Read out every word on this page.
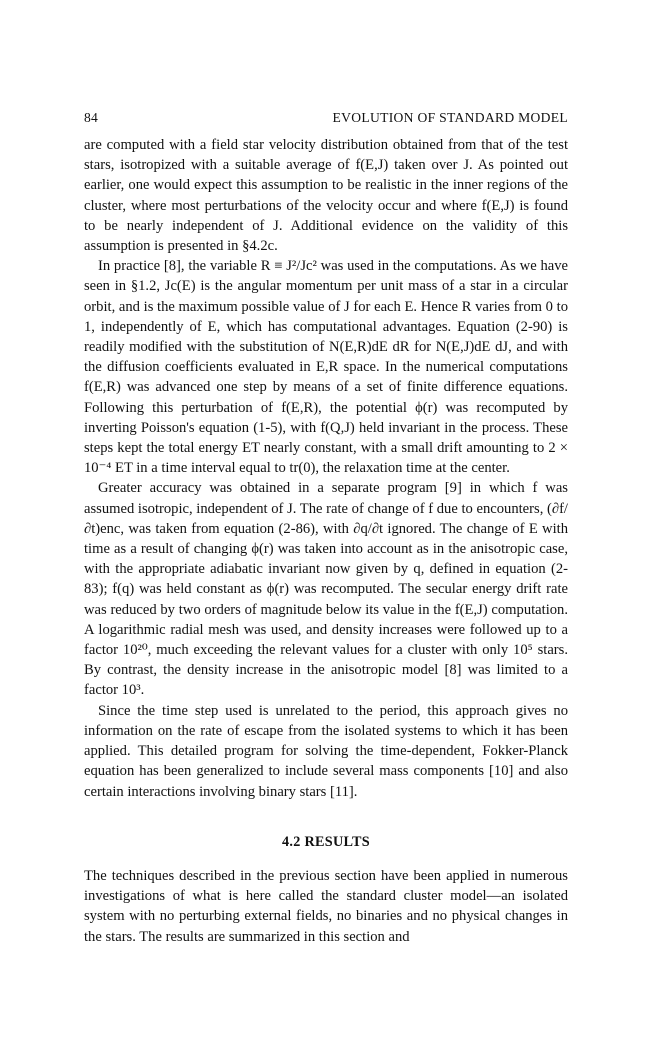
84	EVOLUTION OF STANDARD MODEL

are computed with a field star velocity distribution obtained from that of the test stars, isotropized with a suitable average of f(E,J) taken over J. As pointed out earlier, one would expect this assumption to be realistic in the inner regions of the cluster, where most perturbations of the velocity occur and where f(E,J) is found to be nearly independent of J. Additional evidence on the validity of this assumption is presented in §4.2c.

In practice [8], the variable R ≡ J²/Jc² was used in the computations. As we have seen in §1.2, Jc(E) is the angular momentum per unit mass of a star in a circular orbit, and is the maximum possible value of J for each E. Hence R varies from 0 to 1, independently of E, which has computational advantages. Equation (2-90) is readily modified with the substitution of N(E,R)dE dR for N(E,J)dE dJ, and with the diffusion coefficients evaluated in E,R space. In the numerical computations f(E,R) was advanced one step by means of a set of finite difference equations. Following this perturbation of f(E,R), the potential ϕ(r) was recomputed by inverting Poisson's equation (1-5), with f(Q,J) held invariant in the process. These steps kept the total energy ET nearly constant, with a small drift amounting to 2 × 10⁻⁴ ET in a time interval equal to tr(0), the relaxation time at the center.

Greater accuracy was obtained in a separate program [9] in which f was assumed isotropic, independent of J. The rate of change of f due to encounters, (∂f/∂t)enc, was taken from equation (2-86), with ∂q/∂t ignored. The change of E with time as a result of changing ϕ(r) was taken into account as in the anisotropic case, with the appropriate adiabatic invariant now given by q, defined in equation (2-83); f(q) was held constant as ϕ(r) was recomputed. The secular energy drift rate was reduced by two orders of magnitude below its value in the f(E,J) computation. A logarithmic radial mesh was used, and density increases were followed up to a factor 10²⁰, much exceeding the relevant values for a cluster with only 10⁵ stars. By contrast, the density increase in the anisotropic model [8] was limited to a factor 10³.

Since the time step used is unrelated to the period, this approach gives no information on the rate of escape from the isolated systems to which it has been applied. This detailed program for solving the time-dependent, Fokker-Planck equation has been generalized to include several mass components [10] and also certain interactions involving binary stars [11].

4.2 RESULTS

The techniques described in the previous section have been applied in numerous investigations of what is here called the standard cluster model—an isolated system with no perturbing external fields, no binaries and no physical changes in the stars. The results are summarized in this section and
